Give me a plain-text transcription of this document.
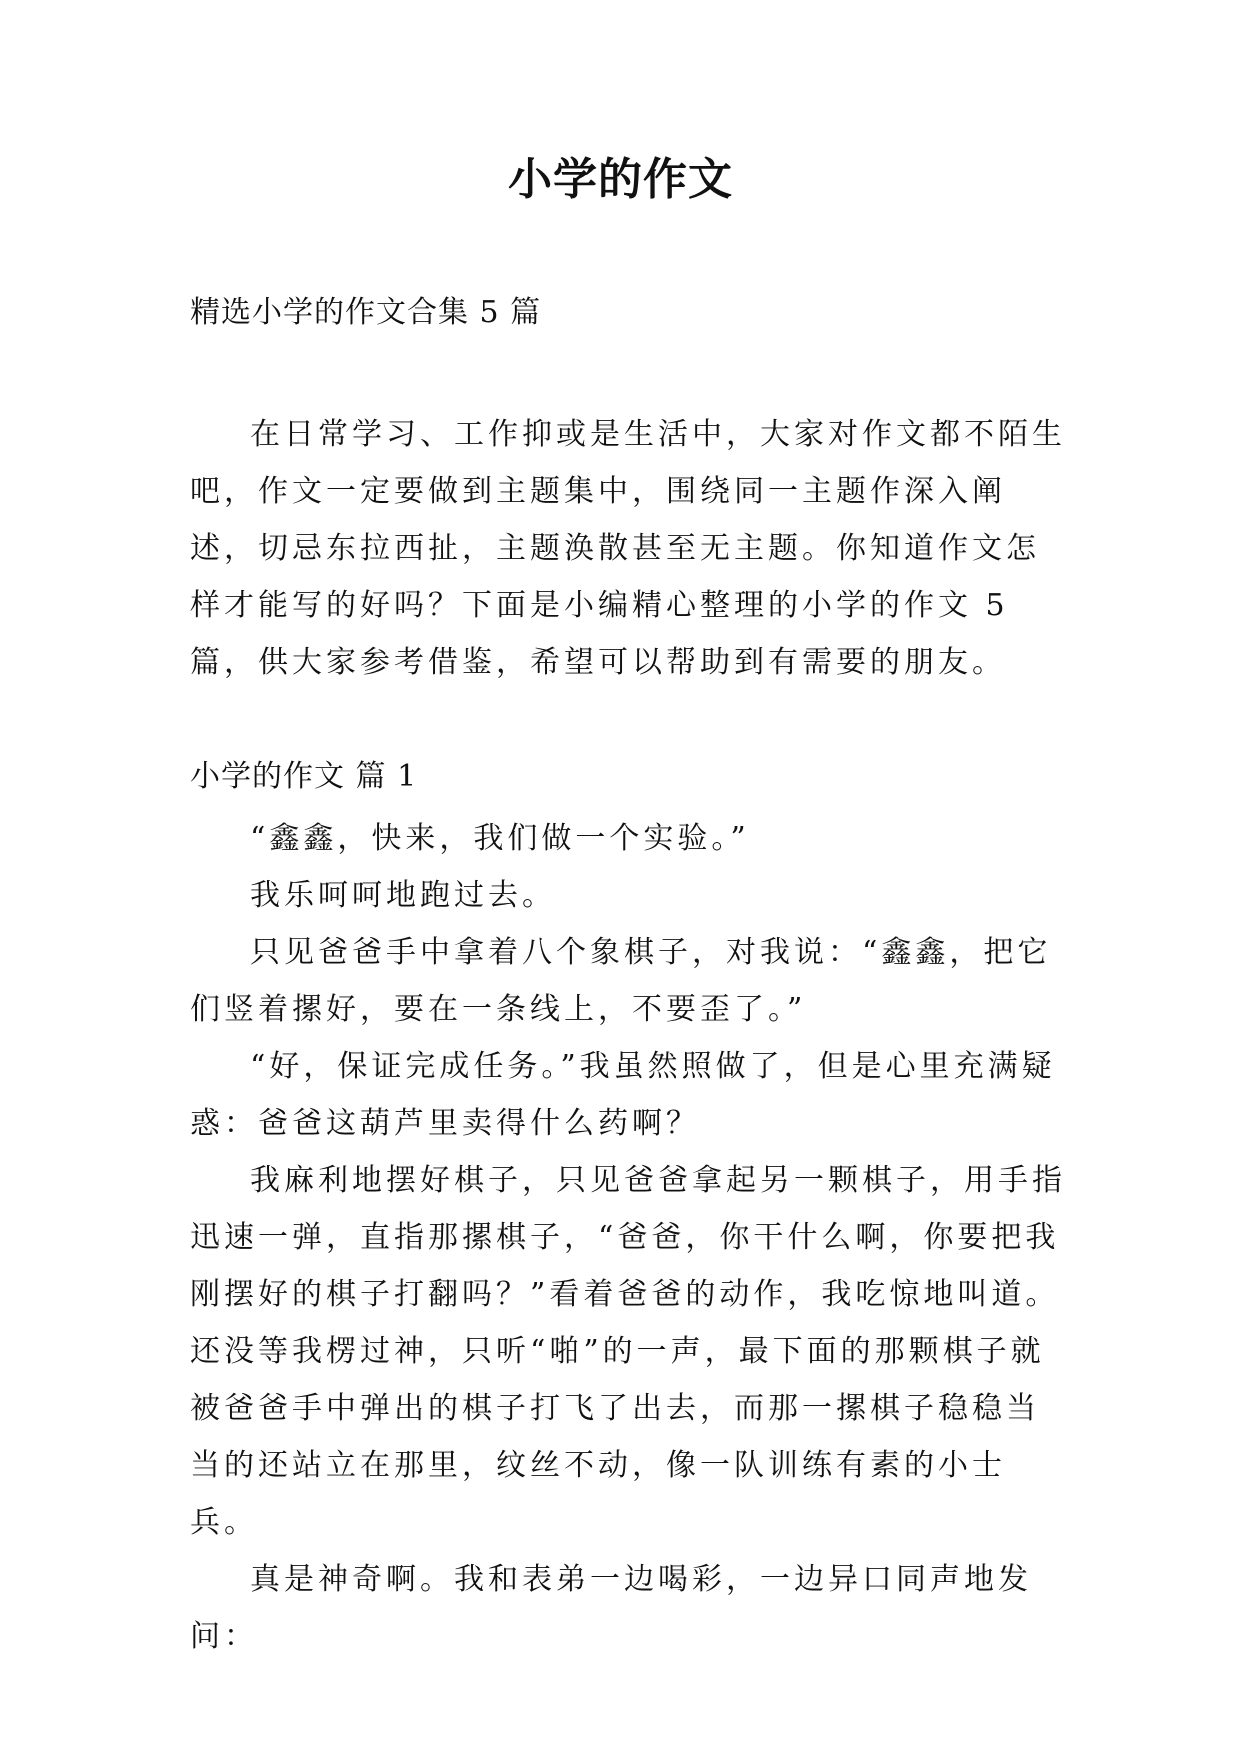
小学的作文
精选小学的作文合集 5 篇

在日常学习、工作抑或是生活中，大家对作文都不陌生吧，作文一定要做到主题集中，围绕同一主题作深入阐述，切忌东拉西扯，主题涣散甚至无主题。你知道作文怎样才能写的好吗？下面是小编精心整理的小学的作文 5 篇，供大家参考借鉴，希望可以帮助到有需要的朋友。

小学的作文 篇 1

“鑫鑫，快来，我们做一个实验。”

我乐呵呵地跑过去。

只见爸爸手中拿着八个象棋子，对我说：“鑫鑫，把它们竖着摞好，要在一条线上，不要歪了。”

“好，保证完成任务。”我虽然照做了，但是心里充满疑惑：爸爸这葫芦里卖得什么药啊？

我麻利地摆好棋子，只见爸爸拿起另一颗棋子，用手指迅速一弹，直指那摞棋子，“爸爸，你干什么啊，你要把我刚摆好的棋子打翻吗？”看着爸爸的动作，我吃惊地叫道。还没等我楞过神，只听“啪”的一声，最下面的那颗棋子就被爸爸手中弹出的棋子打飞了出去，而那一摞棋子稳稳当当的还站立在那里，纹丝不动，像一队训练有素的小士兵。

真是神奇啊。我和表弟一边喝彩，一边异口同声地发问：
